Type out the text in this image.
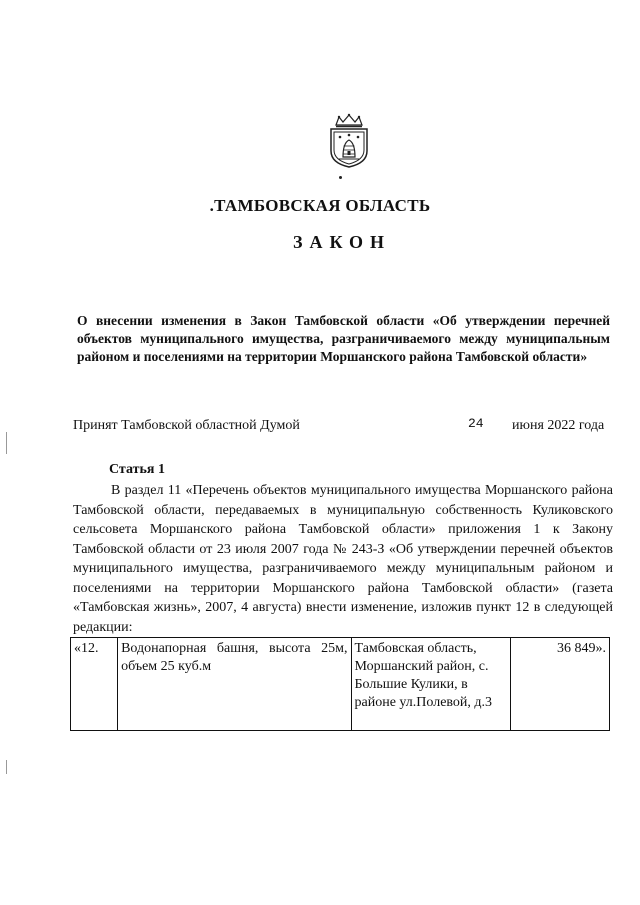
.ТАМБОВСКАЯ ОБЛАСТЬ
ЗАКОН
О внесении изменения в Закон Тамбовской области «Об утверждении перечней объектов муниципального имущества, разграничиваемого между муниципальным районом и поселениями на территории Моршанского района Тамбовской области»
Принят Тамбовской областной Думой	24 июня 2022 года
Статья 1
В раздел 11 «Перечень объектов муниципального имущества Моршанского района Тамбовской области, передаваемых в муниципальную собственность Куликовского сельсовета Моршанского района Тамбовской области» приложения 1 к Закону Тамбовской области от 23 июля 2007 года № 243-З «Об утверждении перечней объектов муниципального имущества, разграничиваемого между муниципальным районом и поселениями на территории Моршанского района Тамбовской области» (газета «Тамбовская жизнь», 2007, 4 августа) внести изменение, изложив пункт 12 в следующей редакции:
«12.	Водонапорная башня, высота 25м, объем 25 куб.м	Тамбовская область, Моршанский район, с. Большие Кулики, в районе ул.Полевой, д.3	36 849».
